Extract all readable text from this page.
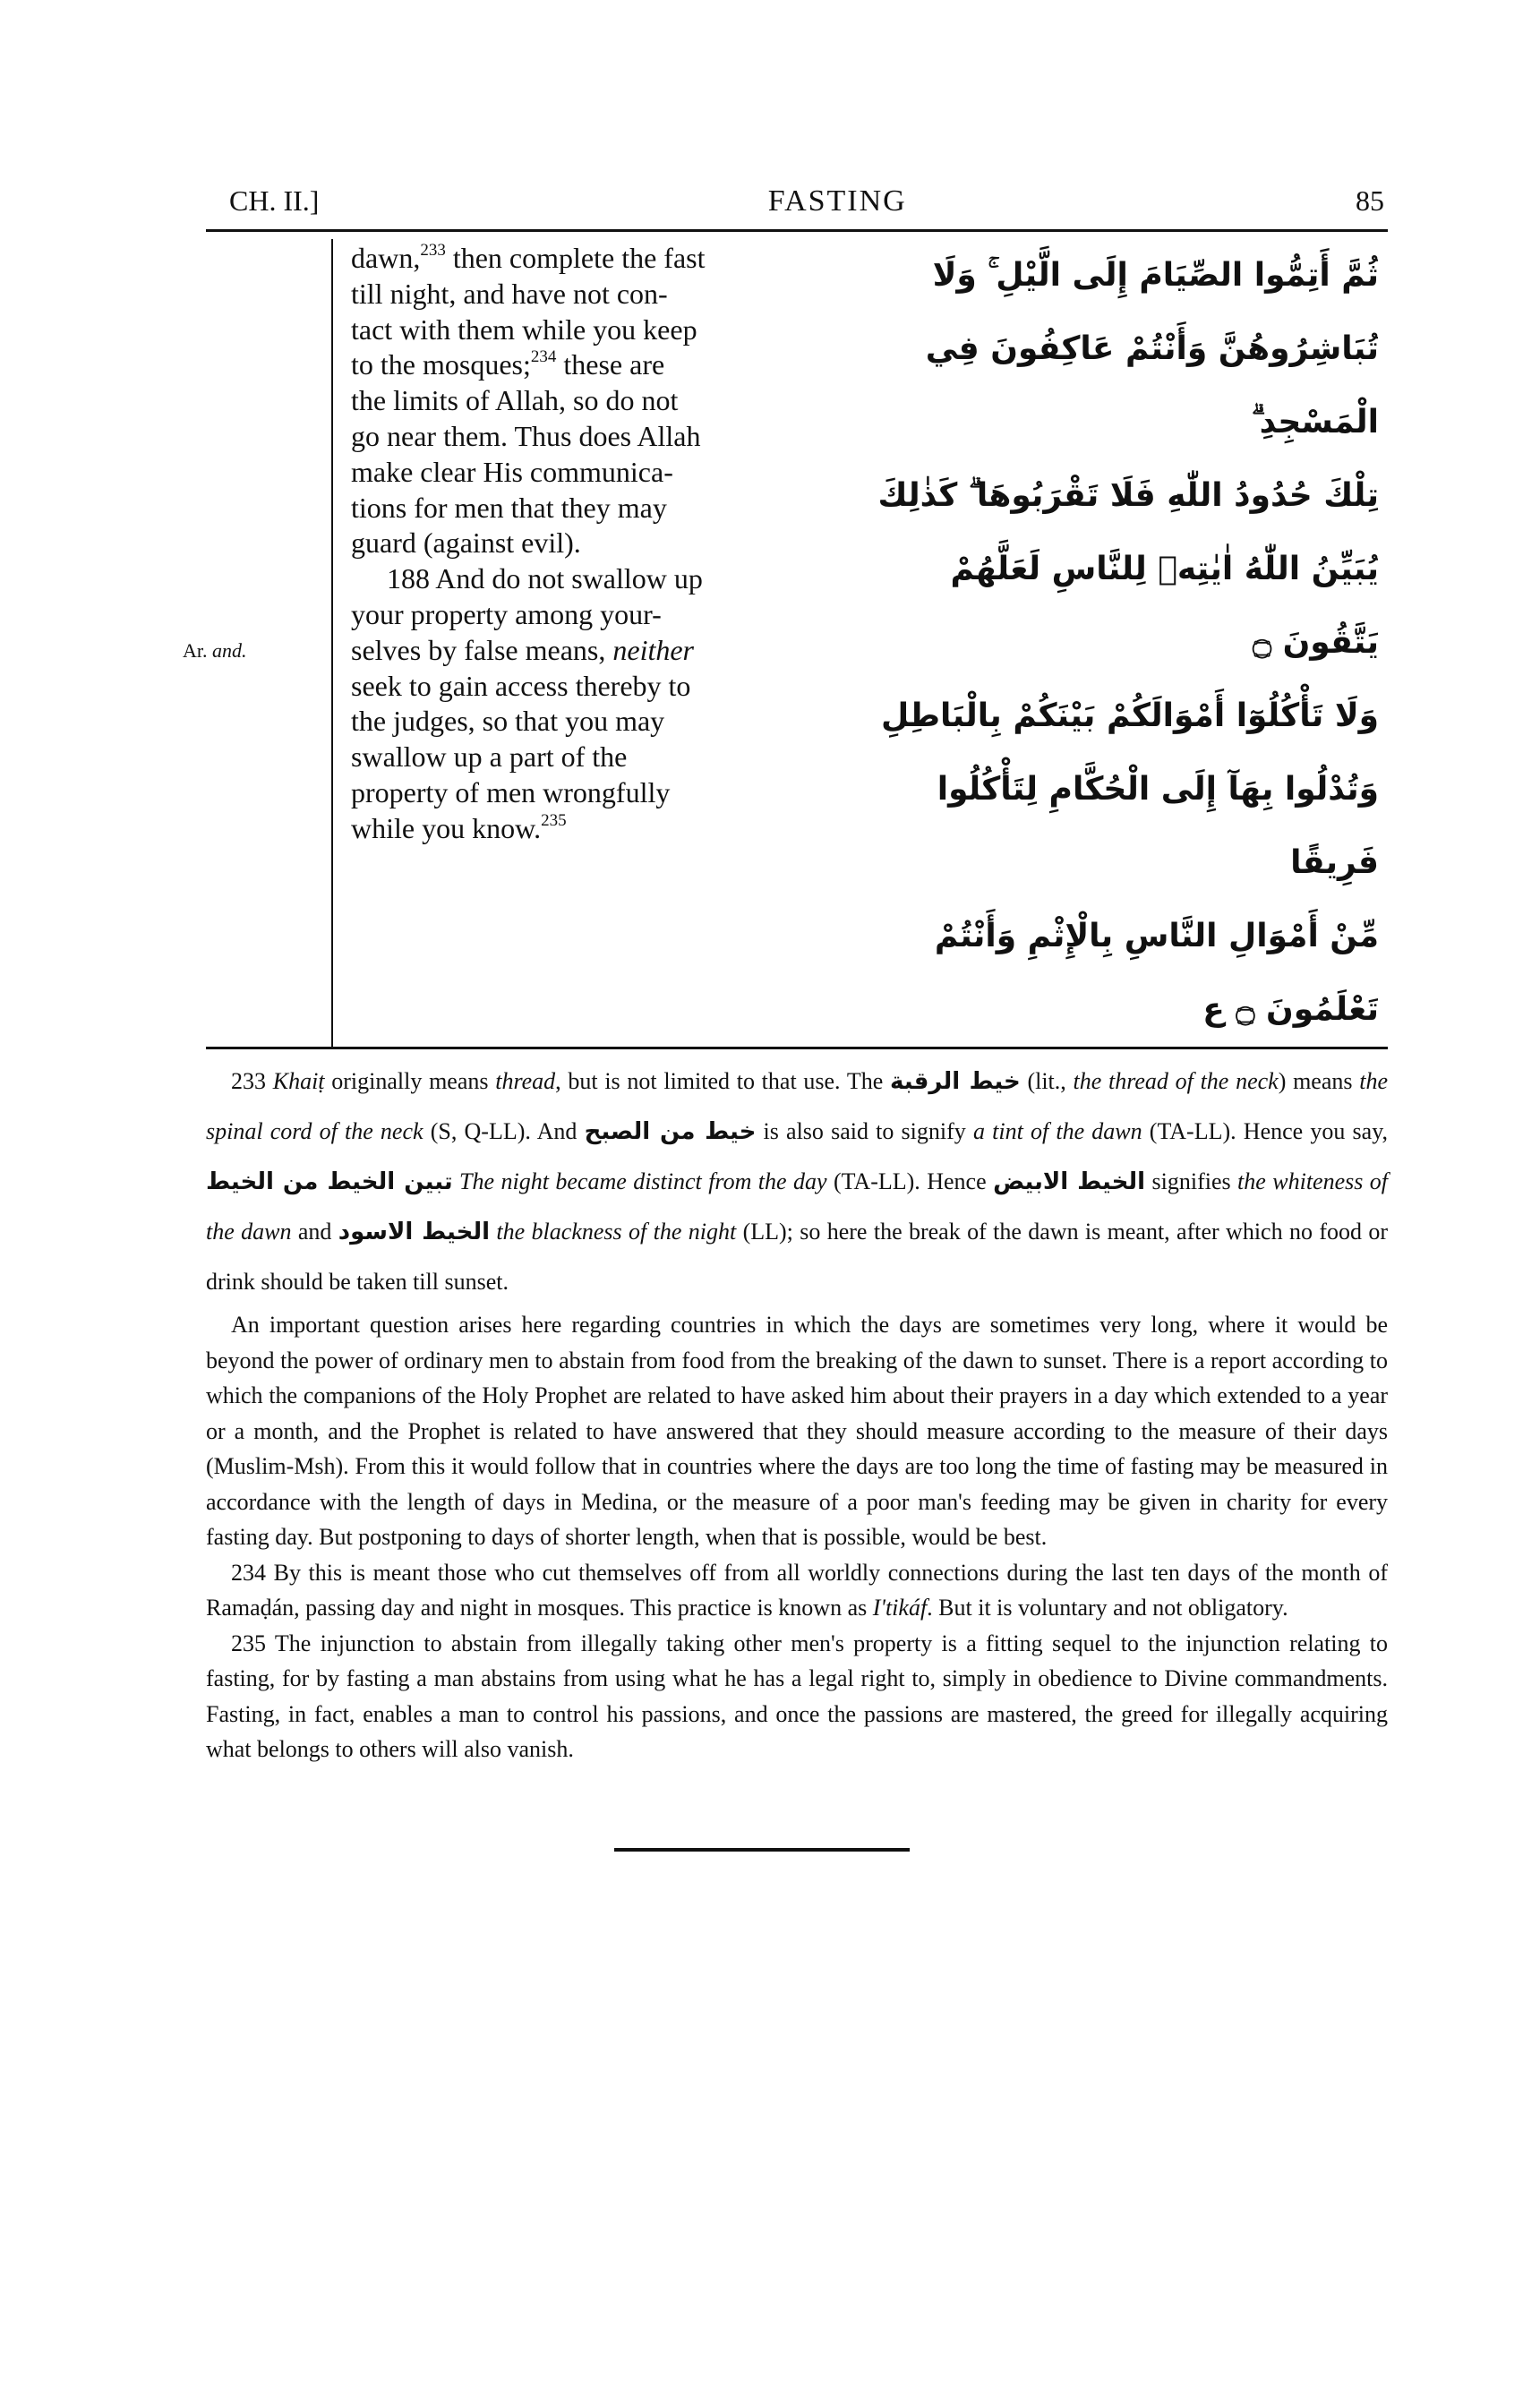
CH. II.]	FASTING	85
Ar. and.
dawn,$^{233}$ then complete the fast
till night, and have not con-
tact with them while you keep
to the mosques;$^{234}$ these are
the limits of Allah, so do not
go near them. Thus does Allah
make clear His communica-
tions for men that they may
guard (against evil).
188 And do not swallow up
your property among your-
selves by false means, neither
seek to gain access thereby to
the judges, so that you may
swallow up a part of the
property of men wrongfully
while you know.$^{235}$
ثُمَّ أَتِمُّوا الصِّيَامَ إِلَى الَّيْلِ ۚ وَلَا
تُبَاشِرُوهُنَّ وَأَنْتُمْ عَاكِفُونَ فِي الْمَسْجِدِ ۗ
تِلْكَ حُدُودُ اللّٰهِ فَلَا تَقْرَبُوهَا ۗ كَذٰلِكَ
يُبَيِّنُ اللّٰهُ اٰيٰتِهٖ لِلنَّاسِ لَعَلَّهُمْ يَتَّقُونَ ۝
وَلَا تَأْكُلُوٓا أَمْوَالَكُمْ بَيْنَكُمْ بِالْبَاطِلِ
وَتُدْلُوا بِهَآ إِلَى الْحُكَّامِ لِتَأْكُلُوا فَرِيقًا
مِّنْ أَمْوَالِ النَّاسِ بِالْإِثْمِ وَأَنْتُمْ
تَعْلَمُونَ ۝ ع

233 Khaiṭ originally means thread, but is not limited to that use. The خيط الرقبة (lit., the thread of the neck) means the spinal cord of the neck (S, Q-LL). And خيط من الصبح is also said to signify a tint of the dawn (TA-LL). Hence you say, تبين الخيط من الخيط The night became distinct from the day (TA-LL). Hence الخيط الابيض signifies the whiteness of the dawn and الخيط الاسود the blackness of the night (LL); so here the break of the dawn is meant, after which no food or drink should be taken till sunset.

An important question arises here regarding countries in which the days are sometimes very long, where it would be beyond the power of ordinary men to abstain from food from the breaking of the dawn to sunset. There is a report according to which the companions of the Holy Prophet are related to have asked him about their prayers in a day which extended to a year or a month, and the Prophet is related to have answered that they should measure according to the measure of their days (Muslim-Msh). From this it would follow that in countries where the days are too long the time of fasting may be measured in accordance with the length of days in Medina, or the measure of a poor man's feeding may be given in charity for every fasting day. But postponing to days of shorter length, when that is possible, would be best.

234 By this is meant those who cut themselves off from all worldly connections during the last ten days of the month of Ramaḍán, passing day and night in mosques. This practice is known as I'tikáf. But it is voluntary and not obligatory.

235 The injunction to abstain from illegally taking other men's property is a fitting sequel to the injunction relating to fasting, for by fasting a man abstains from using what he has a legal right to, simply in obedience to Divine commandments. Fasting, in fact, enables a man to control his passions, and once the passions are mastered, the greed for illegally acquiring what belongs to others will also vanish.
